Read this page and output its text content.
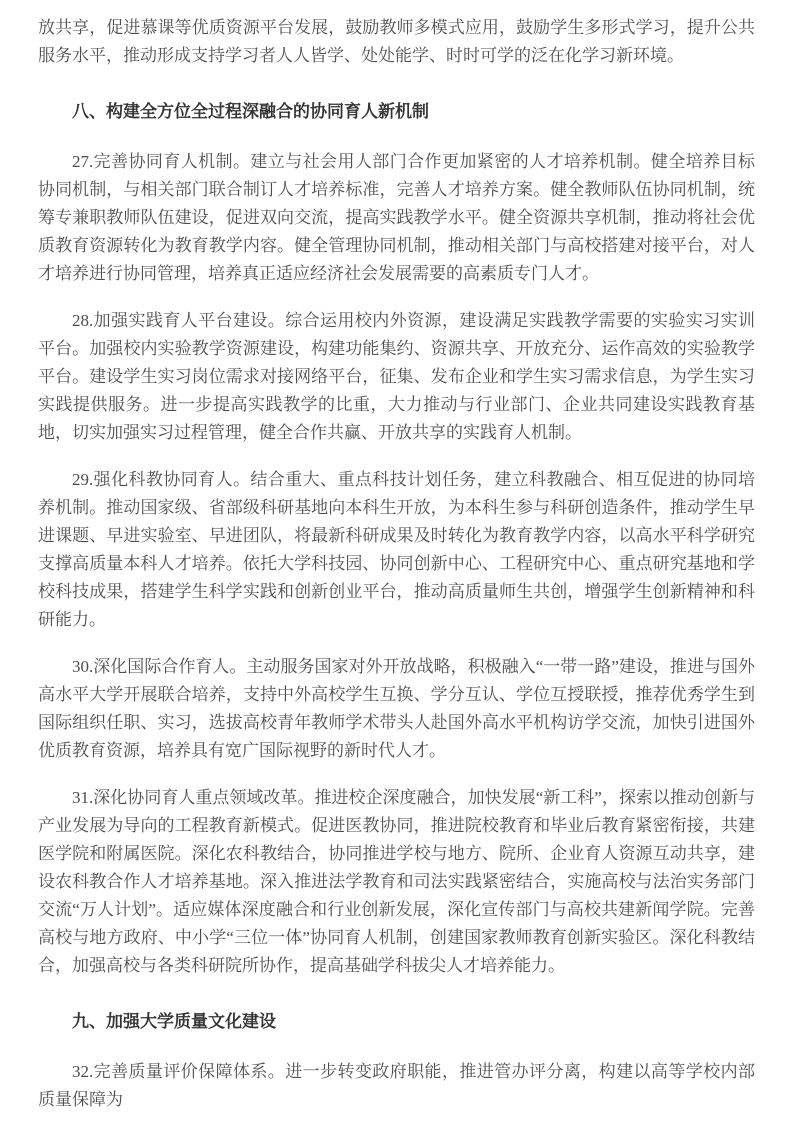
放共享，促进慕课等优质资源平台发展，鼓励教师多模式应用，鼓励学生多形式学习，提升公共服务水平，推动形成支持学习者人人皆学、处处能学、时时可学的泛在化学习新环境。

八、构建全方位全过程深融合的协同育人新机制

27.完善协同育人机制。建立与社会用人部门合作更加紧密的人才培养机制。健全培养目标协同机制，与相关部门联合制订人才培养标准，完善人才培养方案。健全教师队伍协同机制，统筹专兼职教师队伍建设，促进双向交流，提高实践教学水平。健全资源共享机制，推动将社会优质教育资源转化为教育教学内容。健全管理协同机制，推动相关部门与高校搭建对接平台，对人才培养进行协同管理，培养真正适应经济社会发展需要的高素质专门人才。

28.加强实践育人平台建设。综合运用校内外资源，建设满足实践教学需要的实验实习实训平台。加强校内实验教学资源建设，构建功能集约、资源共享、开放充分、运作高效的实验教学平台。建设学生实习岗位需求对接网络平台，征集、发布企业和学生实习需求信息，为学生实习实践提供服务。进一步提高实践教学的比重，大力推动与行业部门、企业共同建设实践教育基地，切实加强实习过程管理，健全合作共赢、开放共享的实践育人机制。

29.强化科教协同育人。结合重大、重点科技计划任务，建立科教融合、相互促进的协同培养机制。推动国家级、省部级科研基地向本科生开放，为本科生参与科研创造条件，推动学生早进课题、早进实验室、早进团队，将最新科研成果及时转化为教育教学内容，以高水平科学研究支撑高质量本科人才培养。依托大学科技园、协同创新中心、工程研究中心、重点研究基地和学校科技成果，搭建学生科学实践和创新创业平台，推动高质量师生共创，增强学生创新精神和科研能力。

30.深化国际合作育人。主动服务国家对外开放战略，积极融入“一带一路”建设，推进与国外高水平大学开展联合培养，支持中外高校学生互换、学分互认、学位互授联授，推荐优秀学生到国际组织任职、实习，选拔高校青年教师学术带头人赴国外高水平机构访学交流，加快引进国外优质教育资源，培养具有宽广国际视野的新时代人才。

31.深化协同育人重点领域改革。推进校企深度融合，加快发展“新工科”，探索以推动创新与产业发展为导向的工程教育新模式。促进医教协同，推进院校教育和毕业后教育紧密衔接，共建医学院和附属医院。深化农科教结合，协同推进学校与地方、院所、企业育人资源互动共享，建设农科教合作人才培养基地。深入推进法学教育和司法实践紧密结合，实施高校与法治实务部门交流“万人计划”。适应媒体深度融合和行业创新发展，深化宣传部门与高校共建新闻学院。完善高校与地方政府、中小学“三位一体”协同育人机制，创建国家教师教育创新实验区。深化科教结合，加强高校与各类科研院所协作，提高基础学科拔尖人才培养能力。

九、加强大学质量文化建设

32.完善质量评价保障体系。进一步转变政府职能，推进管办评分离，构建以高等学校内部质量保障为
